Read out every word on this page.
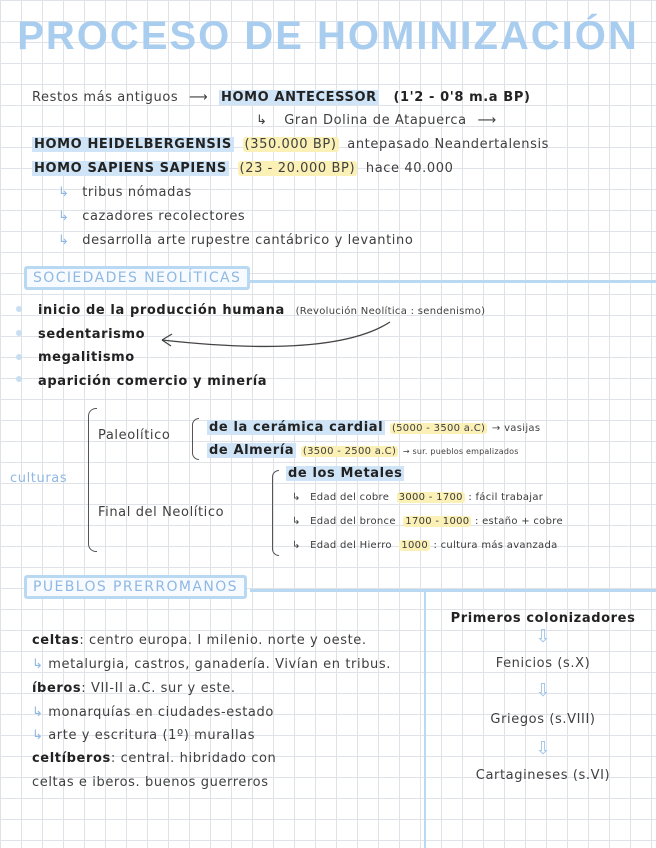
PROCESO DE HOMINIZACIÓN
Restos más antiguos ⟶ HOMO ANTECESSOR (1'2 - 0'8 m.a BP)
↳ Gran Dolina de Atapuerca ⟶
HOMO HEIDELBERGENSIS (350.000 BP) antepasado Neandertalensis
HOMO SAPIENS SAPIENS (23 - 20.000 BP) hace 40.000
↳ tribus nómadas
↳ cazadores recolectores
↳ desarrolla arte rupestre cantábrico y levantino
SOCIEDADES NEOLÍTICAS
inicio de la producción humana (Revolución Neolítica : sendenismo)
sedentarismo
megalitismo
aparición comercio y minería
culturas
Paleolítico
de la cerámica cardial (5000 - 3500 a.C) → vasijas
de Almería (3500 - 2500 a.C) → sur. pueblos empalizados
Final del Neolítico
de los Metales
↳ Edad del cobre 3000 - 1700 : fácil trabajar
↳ Edad del bronce 1700 - 1000 : estaño + cobre
↳ Edad del Hierro 1000 : cultura más avanzada
PUEBLOS PRERROMANOS
celtas: centro europa. I milenio. norte y oeste.
↳ metalurgia, castros, ganadería. Vivían en tribus.
íberos: VII-II a.C. sur y este.
↳ monarquías en ciudades-estado
↳ arte y escritura (1º) murallas
celtíberos: central. hibridado con
celtas e iberos. buenos guerreros
Primeros colonizadores
⇩
Fenicios (s.X)
⇩
Griegos (s.VIII)
⇩
Cartagineses (s.VI)
